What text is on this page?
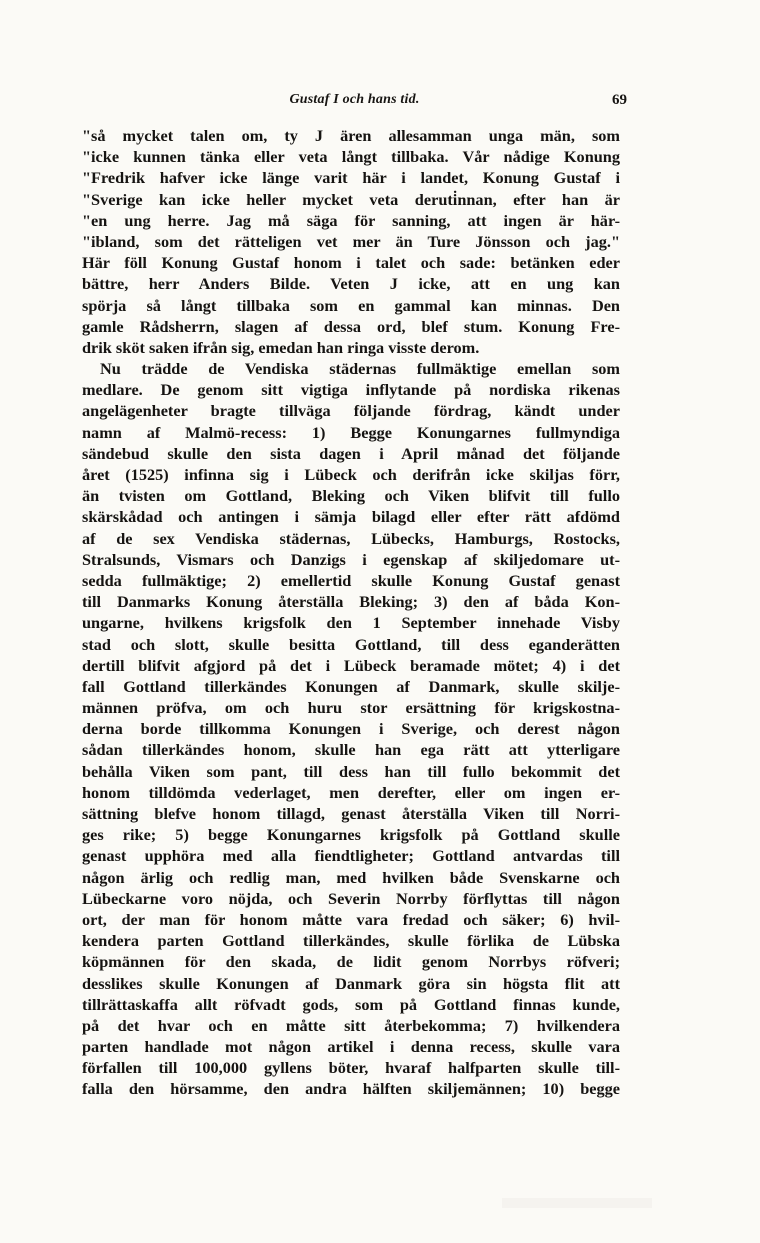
Gustaf I och hans tid.	69
"så mycket talen om, ty J ären allesamman unga män, som
"icke kunnen tänka eller veta långt tillbaka. Vår nådige Konung
"Fredrik hafver icke länge varit här i landet, Konung Gustaf i
"Sverige kan icke heller mycket veta deruti̇nnan, efter han är
"en ung herre. Jag må säga för sanning, att ingen är här-
"ibland, som det rätteligen vet mer än Ture Jönsson och jag."
Här föll Konung Gustaf honom i talet och sade: betänken eder
bättre, herr Anders Bilde. Veten J icke, att en ung kan
spörja så långt tillbaka som en gammal kan minnas. Den
gamle Rådsherrn, slagen af dessa ord, blef stum. Konung Fre-
drik sköt saken ifrån sig, emedan han ringa visste derom.
Nu trädde de Vendiska städernas fullmäktige emellan som
medlare. De genom sitt vigtiga inflytande på nordiska rikenas
angelägenheter bragte tillväga följande fördrag, kändt under
namn af Malmö-recess: 1) Begge Konungarnes fullmyndiga
sändebud skulle den sista dagen i April månad det följande
året (1525) infinna sig i Lübeck och derifrån icke skiljas förr,
än tvisten om Gottland, Bleking och Viken blifvit till fullo
skärskådad och antingen i sämja bilagd eller efter rätt afdömd
af de sex Vendiska städernas, Lübecks, Hamburgs, Rostocks,
Stralsunds, Vismars och Danzigs i egenskap af skiljedomare ut-
sedda fullmäktige; 2) emellertid skulle Konung Gustaf genast
till Danmarks Konung återställa Bleking; 3) den af båda Kon-
ungarne, hvilkens krigsfolk den 1 September innehade Visby
stad och slott, skulle besitta Gottland, till dess eganderätten
dertill blifvit afgjord på det i Lübeck beramade mötet; 4) i det
fall Gottland tillerkändes Konungen af Danmark, skulle skilje-
männen pröfva, om och huru stor ersättning för krigskostna-
derna borde tillkomma Konungen i Sverige, och derest någon
sådan tillerkändes honom, skulle han ega rätt att ytterligare
behålla Viken som pant, till dess han till fullo bekommit det
honom tilldömda vederlaget, men derefter, eller om ingen er-
sättning blefve honom tillagd, genast återställa Viken till Norri-
ges rike; 5) begge Konungarnes krigsfolk på Gottland skulle
genast upphöra med alla fiendtligheter; Gottland antvardas till
någon ärlig och redlig man, med hvilken både Svenskarne och
Lübeckarne voro nöjda, och Severin Norrby förflyttas till någon
ort, der man för honom måtte vara fredad och säker; 6) hvil-
kendera parten Gottland tillerkändes, skulle förlika de Lübska
köpmännen för den skada, de lidit genom Norrbys röfveri;
desslikes skulle Konungen af Danmark göra sin högsta flit att
tillrättaskaffa allt röfvadt gods, som på Gottland finnas kunde,
på det hvar och en måtte sitt återbekomma; 7) hvilkendera
parten handlade mot någon artikel i denna recess, skulle vara
förfallen till 100,000 gyllens böter, hvaraf halfparten skulle till-
falla den hörsamme, den andra hälften skiljemännen; 10) begge
